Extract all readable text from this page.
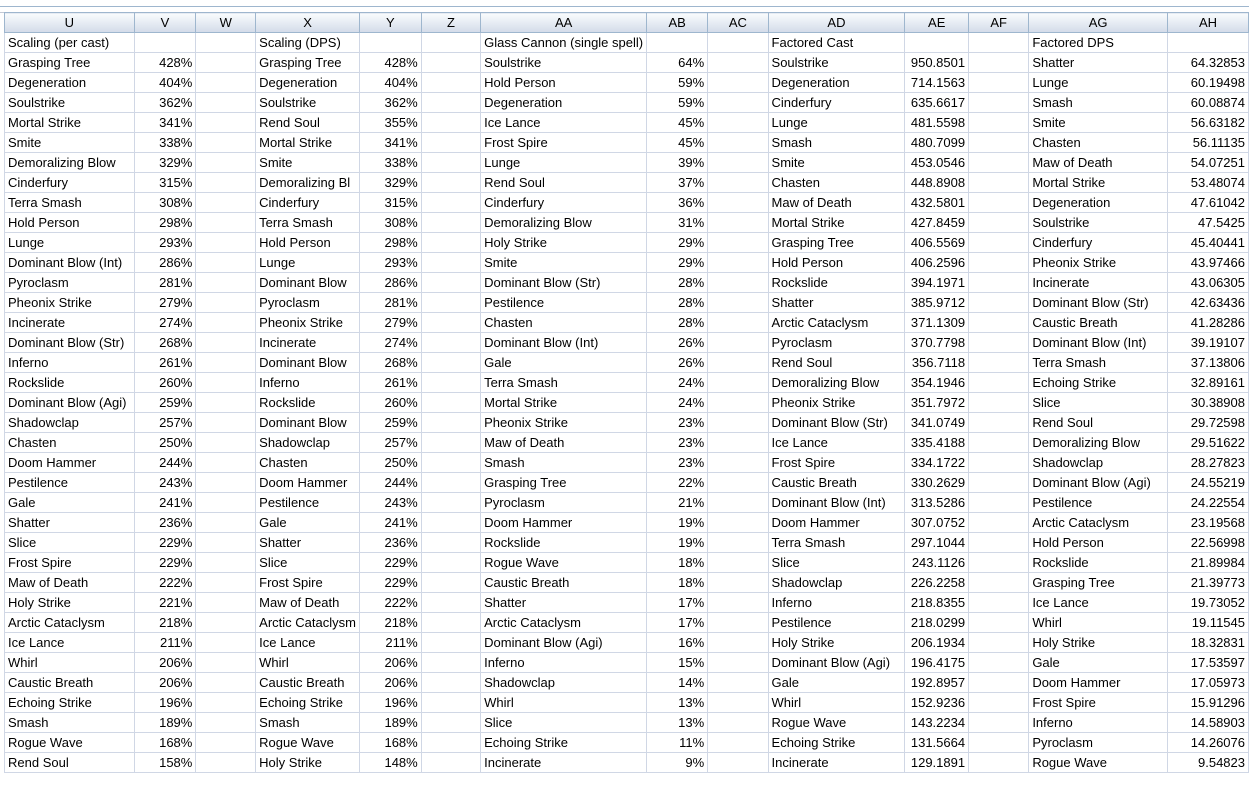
U	V	W	X	Y	Z	AA	AB	AC	AD	AE	AF	AG	AH
Scaling (per cast)			Scaling (DPS)			Glass Cannon (single spell)			Factored Cast			Factored DPS	
Grasping Tree	428%		Grasping Tree	428%		Soulstrike	64%		Soulstrike	950.8501		Shatter	64.32853
Degeneration	404%		Degeneration	404%		Hold Person	59%		Degeneration	714.1563		Lunge	60.19498
Soulstrike	362%		Soulstrike	362%		Degeneration	59%		Cinderfury	635.6617		Smash	60.08874
Mortal Strike	341%		Rend Soul	355%		Ice Lance	45%		Lunge	481.5598		Smite	56.63182
Smite	338%		Mortal Strike	341%		Frost Spire	45%		Smash	480.7099		Chasten	56.11135
Demoralizing Blow	329%		Smite	338%		Lunge	39%		Smite	453.0546		Maw of Death	54.07251
Cinderfury	315%		Demoralizing Bl	329%		Rend Soul	37%		Chasten	448.8908		Mortal Strike	53.48074
Terra Smash	308%		Cinderfury	315%		Cinderfury	36%		Maw of Death	432.5801		Degeneration	47.61042
Hold Person	298%		Terra Smash	308%		Demoralizing Blow	31%		Mortal Strike	427.8459		Soulstrike	47.5425
Lunge	293%		Hold Person	298%		Holy Strike	29%		Grasping Tree	406.5569		Cinderfury	45.40441
Dominant Blow (Int)	286%		Lunge	293%		Smite	29%		Hold Person	406.2596		Pheonix Strike	43.97466
Pyroclasm	281%		Dominant Blow	286%		Dominant Blow (Str)	28%		Rockslide	394.1971		Incinerate	43.06305
Pheonix Strike	279%		Pyroclasm	281%		Pestilence	28%		Shatter	385.9712		Dominant Blow (Str)	42.63436
Incinerate	274%		Pheonix Strike	279%		Chasten	28%		Arctic Cataclysm	371.1309		Caustic Breath	41.28286
Dominant Blow (Str)	268%		Incinerate	274%		Dominant Blow (Int)	26%		Pyroclasm	370.7798		Dominant Blow (Int)	39.19107
Inferno	261%		Dominant Blow	268%		Gale	26%		Rend Soul	356.7118		Terra Smash	37.13806
Rockslide	260%		Inferno	261%		Terra Smash	24%		Demoralizing Blow	354.1946		Echoing Strike	32.89161
Dominant Blow (Agi)	259%		Rockslide	260%		Mortal Strike	24%		Pheonix Strike	351.7972		Slice	30.38908
Shadowclap	257%		Dominant Blow	259%		Pheonix Strike	23%		Dominant Blow (Str)	341.0749		Rend Soul	29.72598
Chasten	250%		Shadowclap	257%		Maw of Death	23%		Ice Lance	335.4188		Demoralizing Blow	29.51622
Doom Hammer	244%		Chasten	250%		Smash	23%		Frost Spire	334.1722		Shadowclap	28.27823
Pestilence	243%		Doom Hammer	244%		Grasping Tree	22%		Caustic Breath	330.2629		Dominant Blow (Agi)	24.55219
Gale	241%		Pestilence	243%		Pyroclasm	21%		Dominant Blow (Int)	313.5286		Pestilence	24.22554
Shatter	236%		Gale	241%		Doom Hammer	19%		Doom Hammer	307.0752		Arctic Cataclysm	23.19568
Slice	229%		Shatter	236%		Rockslide	19%		Terra Smash	297.1044		Hold Person	22.56998
Frost Spire	229%		Slice	229%		Rogue Wave	18%		Slice	243.1126		Rockslide	21.89984
Maw of Death	222%		Frost Spire	229%		Caustic Breath	18%		Shadowclap	226.2258		Grasping Tree	21.39773
Holy Strike	221%		Maw of Death	222%		Shatter	17%		Inferno	218.8355		Ice Lance	19.73052
Arctic Cataclysm	218%		Arctic Cataclysm	218%		Arctic Cataclysm	17%		Pestilence	218.0299		Whirl	19.11545
Ice Lance	211%		Ice Lance	211%		Dominant Blow (Agi)	16%		Holy Strike	206.1934		Holy Strike	18.32831
Whirl	206%		Whirl	206%		Inferno	15%		Dominant Blow (Agi)	196.4175		Gale	17.53597
Caustic Breath	206%		Caustic Breath	206%		Shadowclap	14%		Gale	192.8957		Doom Hammer	17.05973
Echoing Strike	196%		Echoing Strike	196%		Whirl	13%		Whirl	152.9236		Frost Spire	15.91296
Smash	189%		Smash	189%		Slice	13%		Rogue Wave	143.2234		Inferno	14.58903
Rogue Wave	168%		Rogue Wave	168%		Echoing Strike	11%		Echoing Strike	131.5664		Pyroclasm	14.26076
Rend Soul	158%		Holy Strike	148%		Incinerate	9%		Incinerate	129.1891		Rogue Wave	9.54823
